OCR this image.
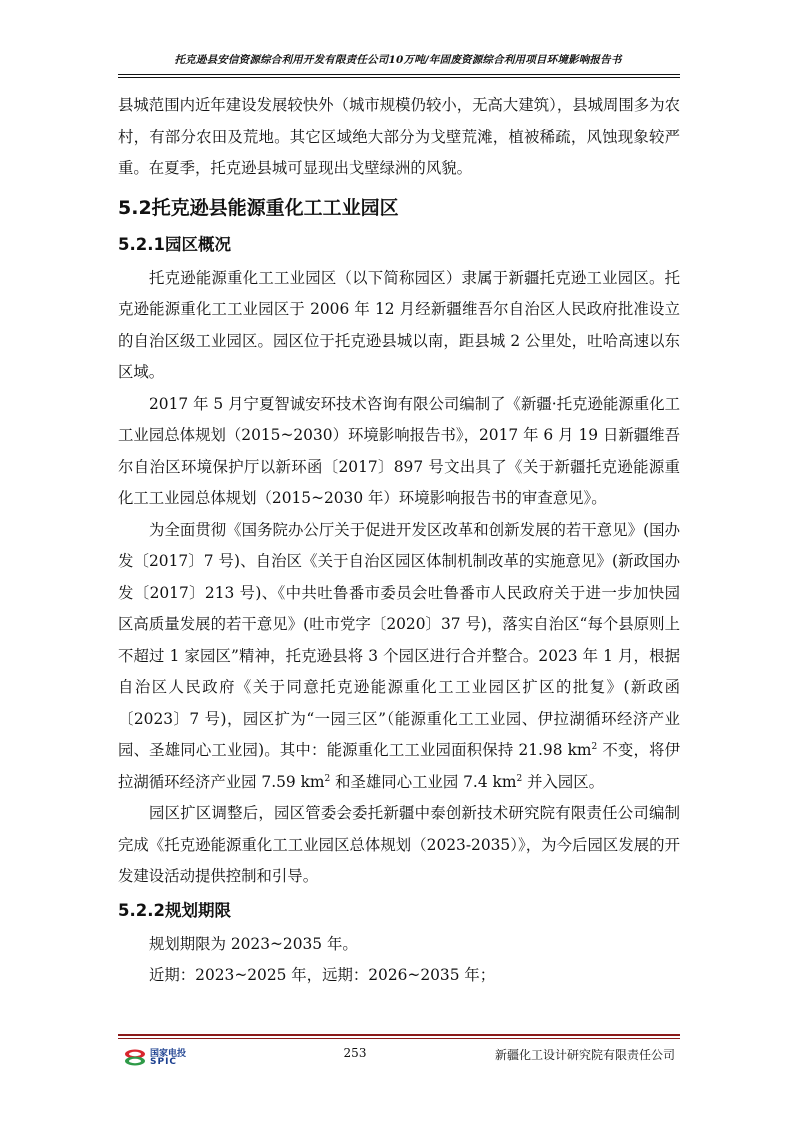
托克逊县安信资源综合利用开发有限责任公司10万吨/年固废资源综合利用项目环境影响报告书

县城范围内近年建设发展较快外（城市规模仍较小，无高大建筑），县城周围多为农村，有部分农田及荒地。其它区域绝大部分为戈壁荒滩，植被稀疏，风蚀现象较严重。在夏季，托克逊县城可显现出戈壁绿洲的风貌。

5.2托克逊县能源重化工工业园区
5.2.1园区概况

托克逊能源重化工工业园区（以下简称园区）隶属于新疆托克逊工业园区。托克逊能源重化工工业园区于 2006 年 12 月经新疆维吾尔自治区人民政府批准设立的自治区级工业园区。园区位于托克逊县城以南，距县城 2 公里处，吐哈高速以东区域。

2017 年 5 月宁夏智诚安环技术咨询有限公司编制了《新疆·托克逊能源重化工工业园总体规划（2015~2030）环境影响报告书》，2017 年 6 月 19 日新疆维吾尔自治区环境保护厅以新环函〔2017〕897 号文出具了《关于新疆托克逊能源重化工工业园总体规划（2015~2030 年）环境影响报告书的审查意见》。

为全面贯彻《国务院办公厅关于促进开发区改革和创新发展的若干意见》(国办发〔2017〕7 号)、自治区《关于自治区园区体制机制改革的实施意见》(新政国办发〔2017〕213 号)、《中共吐鲁番市委员会吐鲁番市人民政府关于进一步加快园区高质量发展的若干意见》(吐市党字〔2020〕37 号)，落实自治区“每个县原则上不超过 1 家园区”精神，托克逊县将 3 个园区进行合并整合。2023 年 1 月，根据自治区人民政府《关于同意托克逊能源重化工工业园区扩区的批复》(新政函〔2023〕7 号)，园区扩为“一园三区”（能源重化工工业园、伊拉湖循环经济产业园、圣雄同心工业园)。其中：能源重化工工业园面积保持 21.98 $km^2$ 不变，将伊拉湖循环经济产业园 7.59 $km^2$ 和圣雄同心工业园 7.4 $km^2$ 并入园区。

园区扩区调整后，园区管委会委托新疆中泰创新技术研究院有限责任公司编制完成《托克逊能源重化工工业园区总体规划（2023-2035）》，为今后园区发展的开发建设活动提供控制和引导。

5.2.2规划期限

规划期限为 2023~2035 年。

近期：2023~2025 年，远期：2026~2035 年；

国家电投
SPIC
253	新疆化工设计研究院有限责任公司
